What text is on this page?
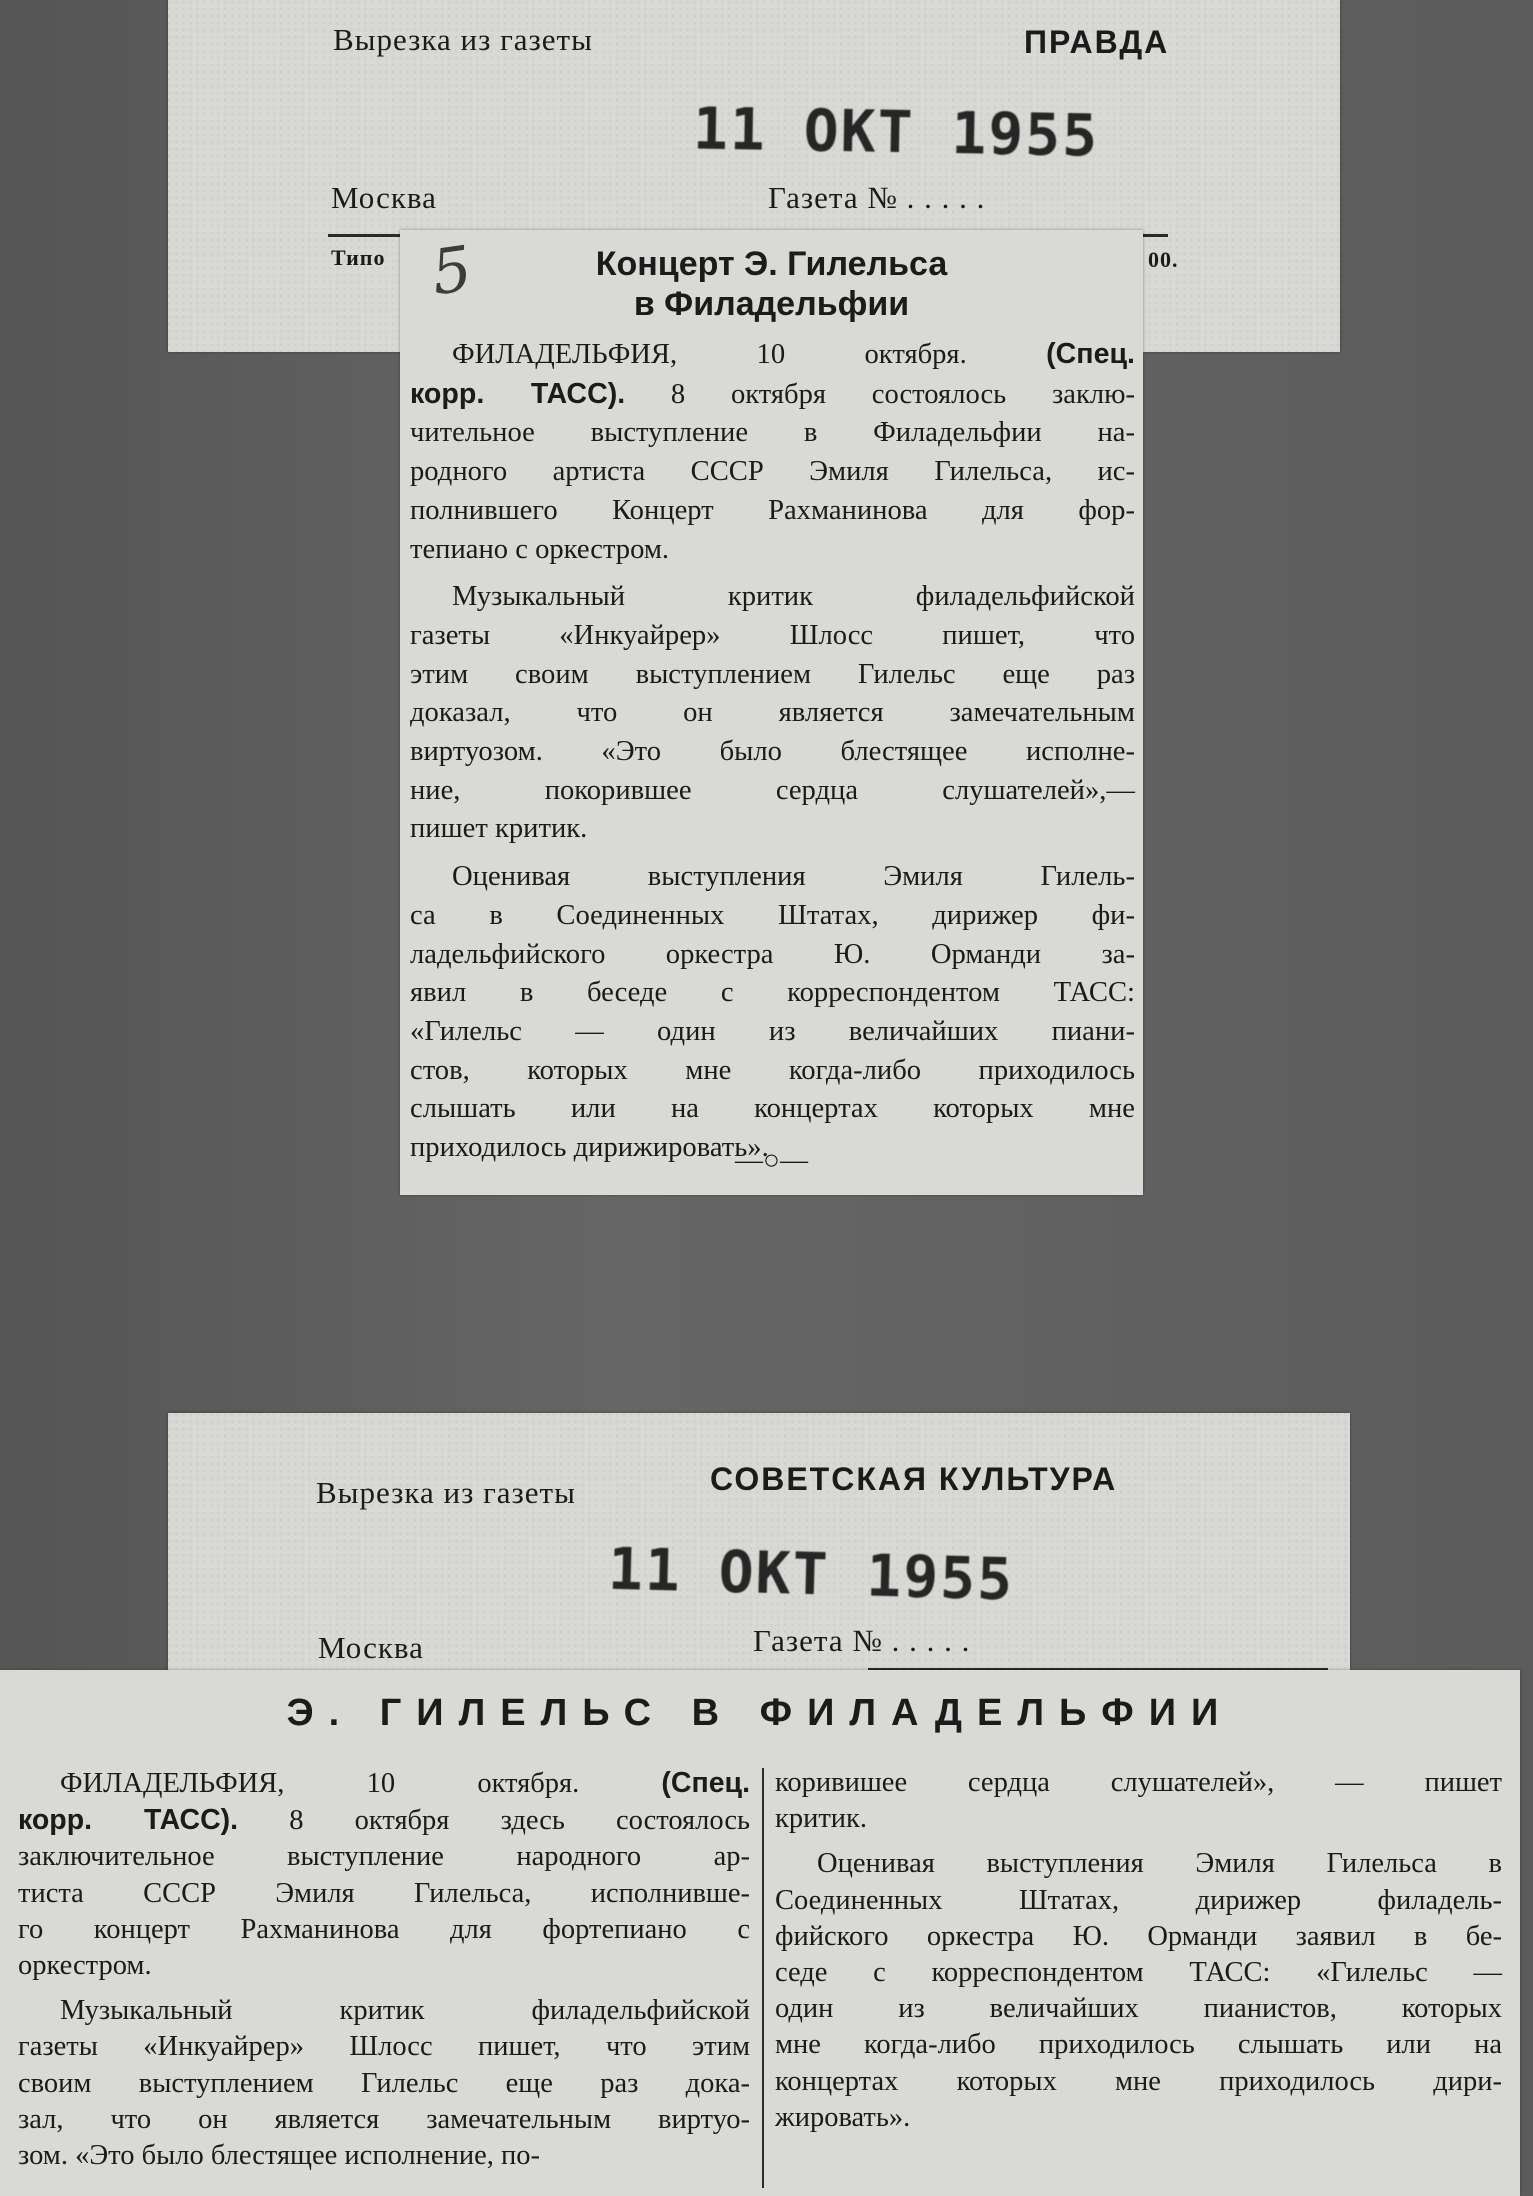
Вырезка из газеты	ПРАВДА
11 ОКТ 1955
Москва	Газета № . . . . .
Типо	00.
5	Концерт Э. Гилельса
в Филадельфии
ФИЛАДЕЛЬФИЯ, 10 октября. (Спец.
корр. ТАСС). 8 октября состоялось заклю-
чительное выступление в Филадельфии на-
родного артиста СССР Эмиля Гилельса, ис-
полнившего Концерт Рахманинова для фор-
тепиано с оркестром.
Музыкальный критик филадельфийской
газеты «Инкуайрер» Шлосс пишет, что
этим своим выступлением Гилельс еще раз
доказал, что он является замечательным
виртуозом. «Это было блестящее исполне-
ние, покорившее сердца слушателей»,—
пишет критик.
Оценивая выступления Эмиля Гилель-
са в Соединенных Штатах, дирижер фи-
ладельфийского оркестра Ю. Орманди за-
явил в беседе с корреспондентом ТАСС:
«Гилельс — один из величайших пиани-
стов, которых мне когда-либо приходилось
слышать или на концертах которых мне
приходилось дирижировать».
—○—
Вырезка из газеты	СОВЕТСКАЯ КУЛЬТУРА
11 ОКТ 1955
Москва	Газета № . . . . .
Э. ГИЛЕЛЬС В ФИЛАДЕЛЬФИИ
ФИЛАДЕЛЬФИЯ, 10 октября. (Спец.
корр. ТАСС). 8 октября здесь состоялось
заключительное выступление народного ар-
тиста СССР Эмиля Гилельса, исполнивше-
го концерт Рахманинова для фортепиано с
оркестром.
Музыкальный критик филадельфийской
газеты «Инкуайрер» Шлосс пишет, что этим
своим выступлением Гилельс еще раз дока-
зал, что он является замечательным виртуо-
зом. «Это было блестящее исполнение, по-
коривишее сердца слушателей», — пишет
критик.
Оценивая выступления Эмиля Гилельса в
Соединенных Штатах, дирижер филадель-
фийского оркестра Ю. Орманди заявил в бе-
седе с корреспондентом ТАСС: «Гилельс —
один из величайших пианистов, которых
мне когда-либо приходилось слышать или на
концертах которых мне приходилось дири-
жировать».
